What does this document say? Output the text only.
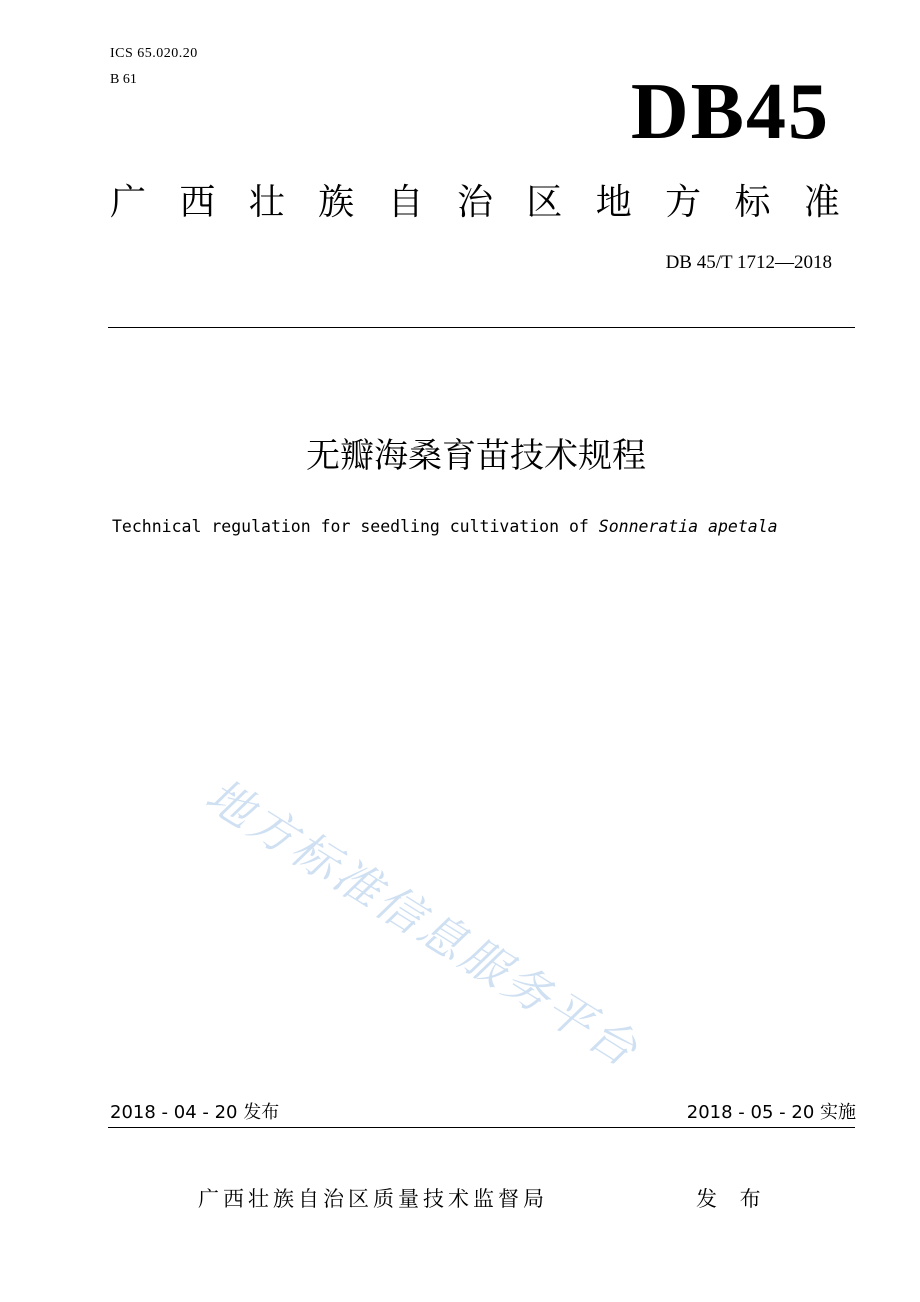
ICS 65.020.20
B 61	DB45
广 西 壮 族 自 治 区 地 方 标 准
DB 45/T 1712—2018
无瓣海桑育苗技术规程
Technical regulation for seedling cultivation of Sonneratia apetala
地方标准信息服务平台
2018 - 04 - 20 发布	2018 - 05 - 20 实施
广西壮族自治区质量技术监督局	发 布
